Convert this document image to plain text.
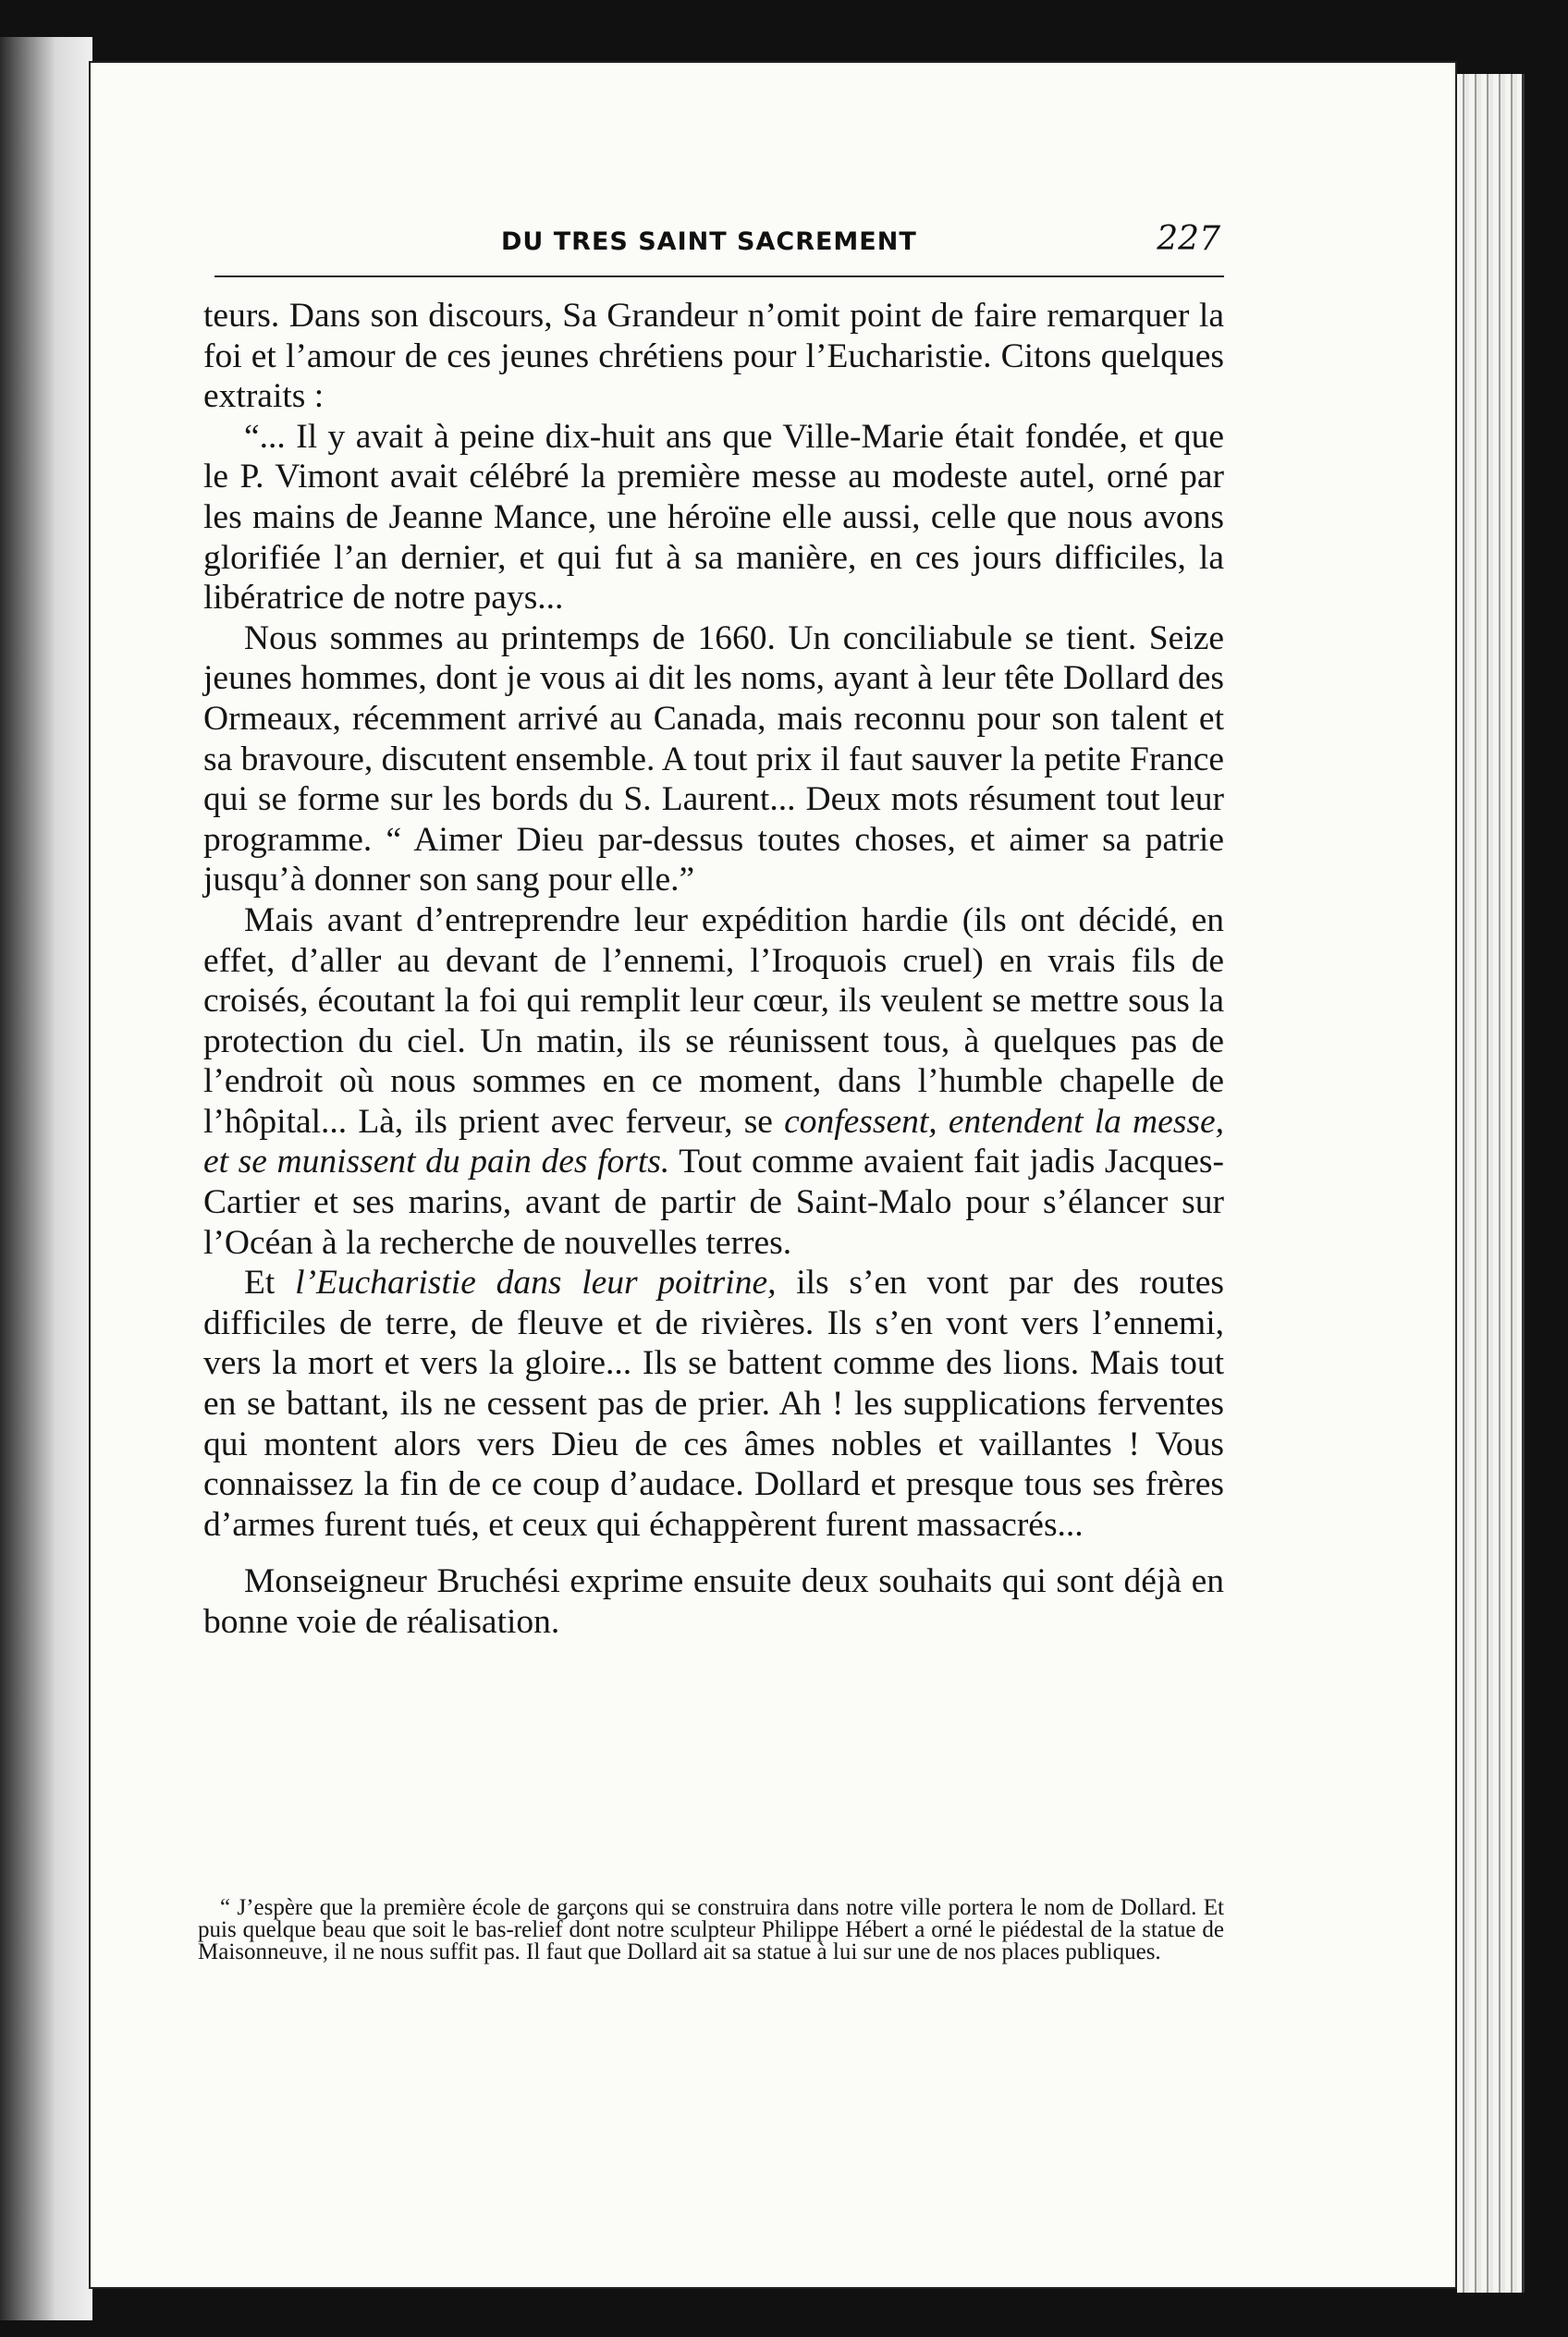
DU TRES SAINT SACREMENT	227

teurs. Dans son discours, Sa Grandeur n’omit point de faire remarquer la foi et l’amour de ces jeunes chrétiens pour l’Eucharistie. Citons quelques extraits :

“... Il y avait à peine dix-huit ans que Ville-Marie était fondée, et que le P. Vimont avait célébré la première messe au modeste autel, orné par les mains de Jeanne Mance, une héroïne elle aussi, celle que nous avons glorifiée l’an dernier, et qui fut à sa manière, en ces jours difficiles, la libératrice de notre pays...

Nous sommes au printemps de 1660. Un conciliabule se tient. Seize jeunes hommes, dont je vous ai dit les noms, ayant à leur tête Dollard des Ormeaux, récemment arrivé au Canada, mais reconnu pour son talent et sa bravoure, discutent ensemble. A tout prix il faut sauver la petite France qui se forme sur les bords du S. Laurent... Deux mots résument tout leur programme. “ Aimer Dieu par-dessus toutes choses, et aimer sa patrie jusqu’à donner son sang pour elle.”

Mais avant d’entreprendre leur expédition hardie (ils ont décidé, en effet, d’aller au devant de l’ennemi, l’Iroquois cruel) en vrais fils de croisés, écoutant la foi qui remplit leur cœur, ils veulent se mettre sous la protection du ciel. Un matin, ils se réunissent tous, à quelques pas de l’endroit où nous sommes en ce moment, dans l’humble chapelle de l’hôpital... Là, ils prient avec ferveur, se confessent, entendent la messe, et se munissent du pain des forts. Tout comme avaient fait jadis Jacques-Cartier et ses marins, avant de partir de Saint-Malo pour s’élancer sur l’Océan à la recherche de nouvelles terres.

Et l’Eucharistie dans leur poitrine, ils s’en vont par des routes difficiles de terre, de fleuve et de rivières. Ils s’en vont vers l’ennemi, vers la mort et vers la gloire... Ils se battent comme des lions. Mais tout en se battant, ils ne cessent pas de prier. Ah ! les supplications ferventes qui montent alors vers Dieu de ces âmes nobles et vaillantes ! Vous connaissez la fin de ce coup d’audace. Dollard et presque tous ses frères d’armes furent tués, et ceux qui échappèrent furent massacrés...

Monseigneur Bruchési exprime ensuite deux souhaits qui sont déjà en bonne voie de réalisation.

“ J’espère que la première école de garçons qui se construira dans notre ville portera le nom de Dollard. Et puis quelque beau que soit le bas-relief dont notre sculpteur Philippe Hébert a orné le piédestal de la statue de Maisonneuve, il ne nous suffit pas. Il faut que Dollard ait sa statue à lui sur une de nos places publiques.
